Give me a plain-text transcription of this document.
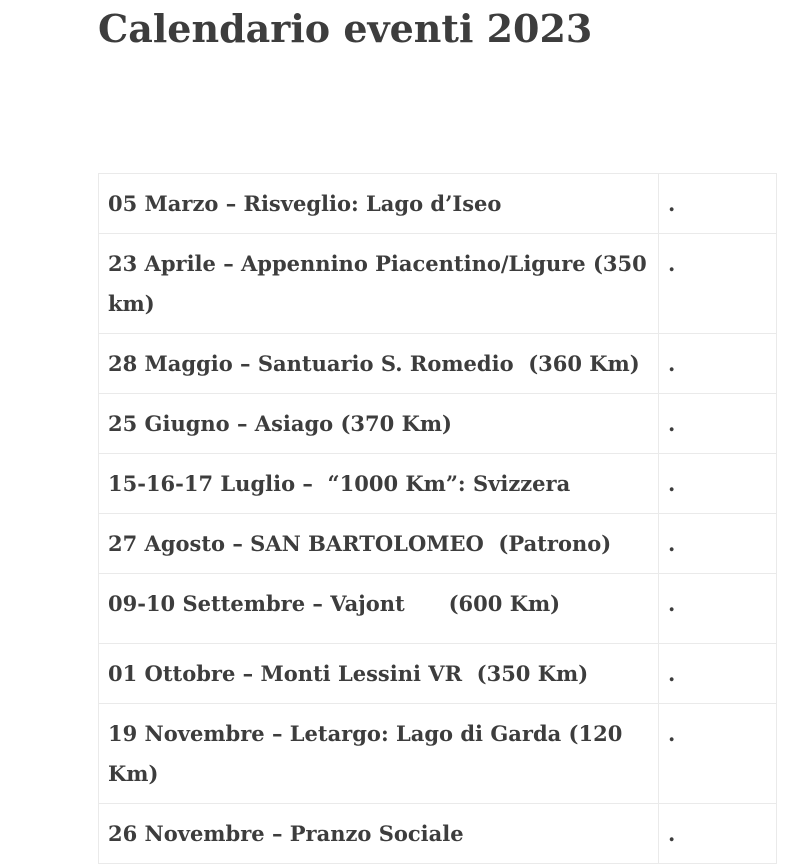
Calendario eventi 2023
05 Marzo – Risveglio: Lago d’Iseo	.
23 Aprile – Appennino Piacentino/Ligure (350 km)	.
28 Maggio – Santuario S. Romedio  (360 Km)	.
25 Giugno – Asiago (370 Km)	.
15-16-17 Luglio –  “1000 Km”: Svizzera	.
27 Agosto – SAN BARTOLOMEO  (Patrono)	.
09-10 Settembre – Vajont      (600 Km)	.
01 Ottobre – Monti Lessini VR  (350 Km)	.
19 Novembre – Letargo: Lago di Garda (120 Km)	.
26 Novembre – Pranzo Sociale	.
